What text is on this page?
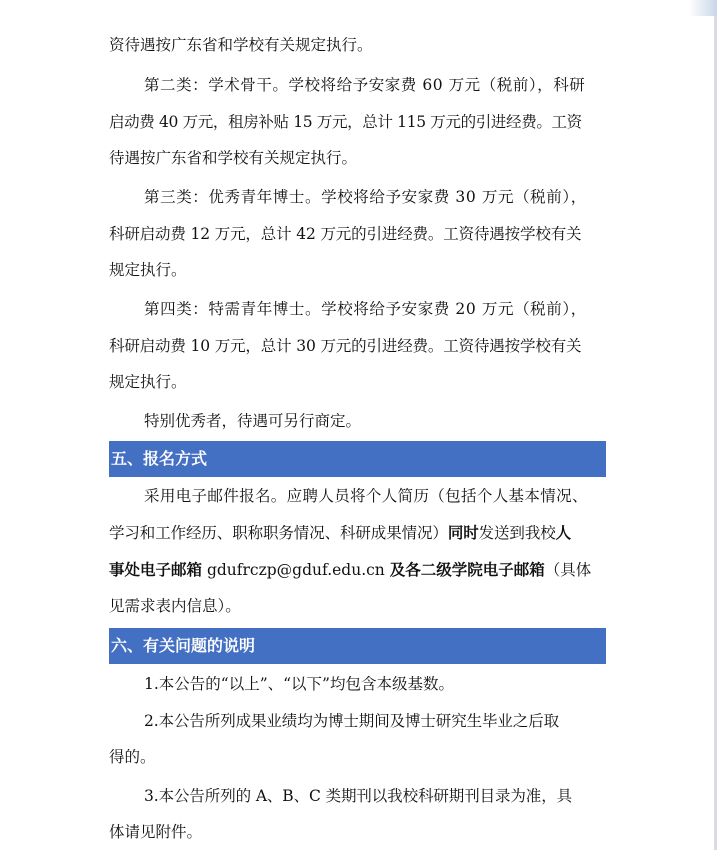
资待遇按广东省和学校有关规定执行。
第二类：学术骨干。学校将给予安家费 60 万元（税前），科研
启动费 40 万元，租房补贴 15 万元，总计 115 万元的引进经费。工资
待遇按广东省和学校有关规定执行。
第三类：优秀青年博士。学校将给予安家费 30 万元（税前），
科研启动费 12 万元，总计 42 万元的引进经费。工资待遇按学校有关
规定执行。
第四类：特需青年博士。学校将给予安家费 20 万元（税前），
科研启动费 10 万元，总计 30 万元的引进经费。工资待遇按学校有关
规定执行。
特别优秀者，待遇可另行商定。
五、报名方式
采用电子邮件报名。应聘人员将个人简历（包括个人基本情况、
学习和工作经历、职称职务情况、科研成果情况）同时发送到我校人
事处电子邮箱 gdufrczp@gduf.edu.cn 及各二级学院电子邮箱（具体
见需求表内信息）。
六、有关问题的说明
1.本公告的“以上”、“以下”均包含本级基数。
2.本公告所列成果业绩均为博士期间及博士研究生毕业之后取
得的。
3.本公告所列的 A、B、C 类期刊以我校科研期刊目录为准，具
体请见附件。
